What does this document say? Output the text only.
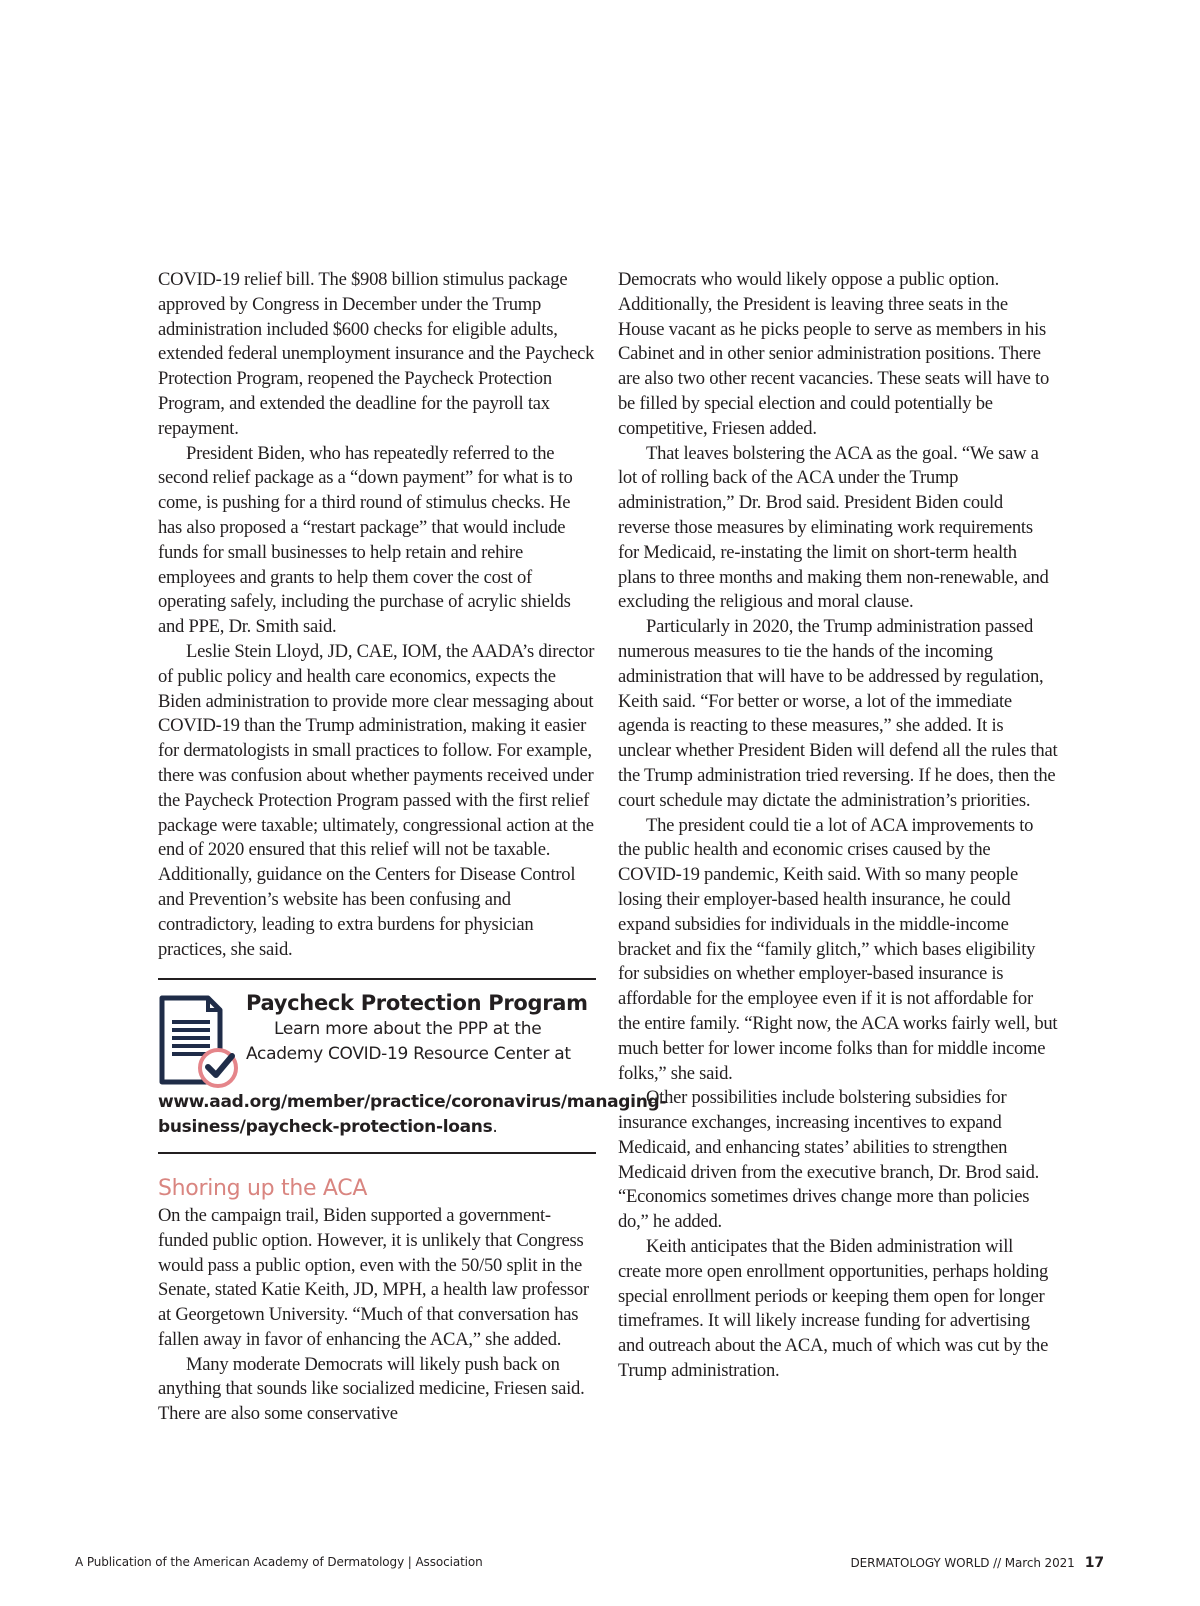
COVID-19 relief bill. The $908 billion stimulus package approved by Congress in December under the Trump administration included $600 checks for eligible adults, extended federal unemployment insurance and the Paycheck Protection Program, reopened the Paycheck Protection Program, and extended the deadline for the payroll tax repayment.

President Biden, who has repeatedly referred to the second relief package as a “down payment” for what is to come, is pushing for a third round of stimulus checks. He has also proposed a “restart package” that would include funds for small businesses to help retain and rehire employees and grants to help them cover the cost of operating safely, including the purchase of acrylic shields and PPE, Dr. Smith said.

Leslie Stein Lloyd, JD, CAE, IOM, the AADA’s director of public policy and health care economics, expects the Biden administration to provide more clear messaging about COVID-19 than the Trump administration, making it easier for dermatologists in small practices to follow. For example, there was confusion about whether payments received under the Paycheck Protection Program passed with the first relief package were taxable; ultimately, congressional action at the end of 2020 ensured that this relief will not be taxable. Additionally, guidance on the Centers for Disease Control and Prevention’s website has been confusing and contradictory, leading to extra burdens for physician practices, she said.

Paycheck Protection Program

Learn more about the PPP at the Academy COVID-19 Resource Center at www.aad.org/member/practice/coronavirus/managing-business/paycheck-protection-loans.

Shoring up the ACA

On the campaign trail, Biden supported a government-funded public option. However, it is unlikely that Congress would pass a public option, even with the 50/50 split in the Senate, stated Katie Keith, JD, MPH, a health law professor at Georgetown University. “Much of that conversation has fallen away in favor of enhancing the ACA,” she added.

Many moderate Democrats will likely push back on anything that sounds like socialized medicine, Friesen said. There are also some conservative

Democrats who would likely oppose a public option. Additionally, the President is leaving three seats in the House vacant as he picks people to serve as members in his Cabinet and in other senior administration positions. There are also two other recent vacancies. These seats will have to be filled by special election and could potentially be competitive, Friesen added.

That leaves bolstering the ACA as the goal. “We saw a lot of rolling back of the ACA under the Trump administration,” Dr. Brod said. President Biden could reverse those measures by eliminating work requirements for Medicaid, re-instating the limit on short-term health plans to three months and making them non-renewable, and excluding the religious and moral clause.

Particularly in 2020, the Trump administration passed numerous measures to tie the hands of the incoming administration that will have to be addressed by regulation, Keith said. “For better or worse, a lot of the immediate agenda is reacting to these measures,” she added. It is unclear whether President Biden will defend all the rules that the Trump administration tried reversing. If he does, then the court schedule may dictate the administration’s priorities.

The president could tie a lot of ACA improvements to the public health and economic crises caused by the COVID-19 pandemic, Keith said. With so many people losing their employer-based health insurance, he could expand subsidies for individuals in the middle-income bracket and fix the “family glitch,” which bases eligibility for subsidies on whether employer-based insurance is affordable for the employee even if it is not affordable for the entire family. “Right now, the ACA works fairly well, but much better for lower income folks than for middle income folks,” she said.

Other possibilities include bolstering subsidies for insurance exchanges, increasing incentives to expand Medicaid, and enhancing states’ abilities to strengthen Medicaid driven from the executive branch, Dr. Brod said. “Economics sometimes drives change more than policies do,” he added.

Keith anticipates that the Biden administration will create more open enrollment opportunities, perhaps holding special enrollment periods or keeping them open for longer timeframes. It will likely increase funding for advertising and outreach about the ACA, much of which was cut by the Trump administration.

A Publication of the American Academy of Dermatology | Association	DERMATOLOGY WORLD // March 2021 17
